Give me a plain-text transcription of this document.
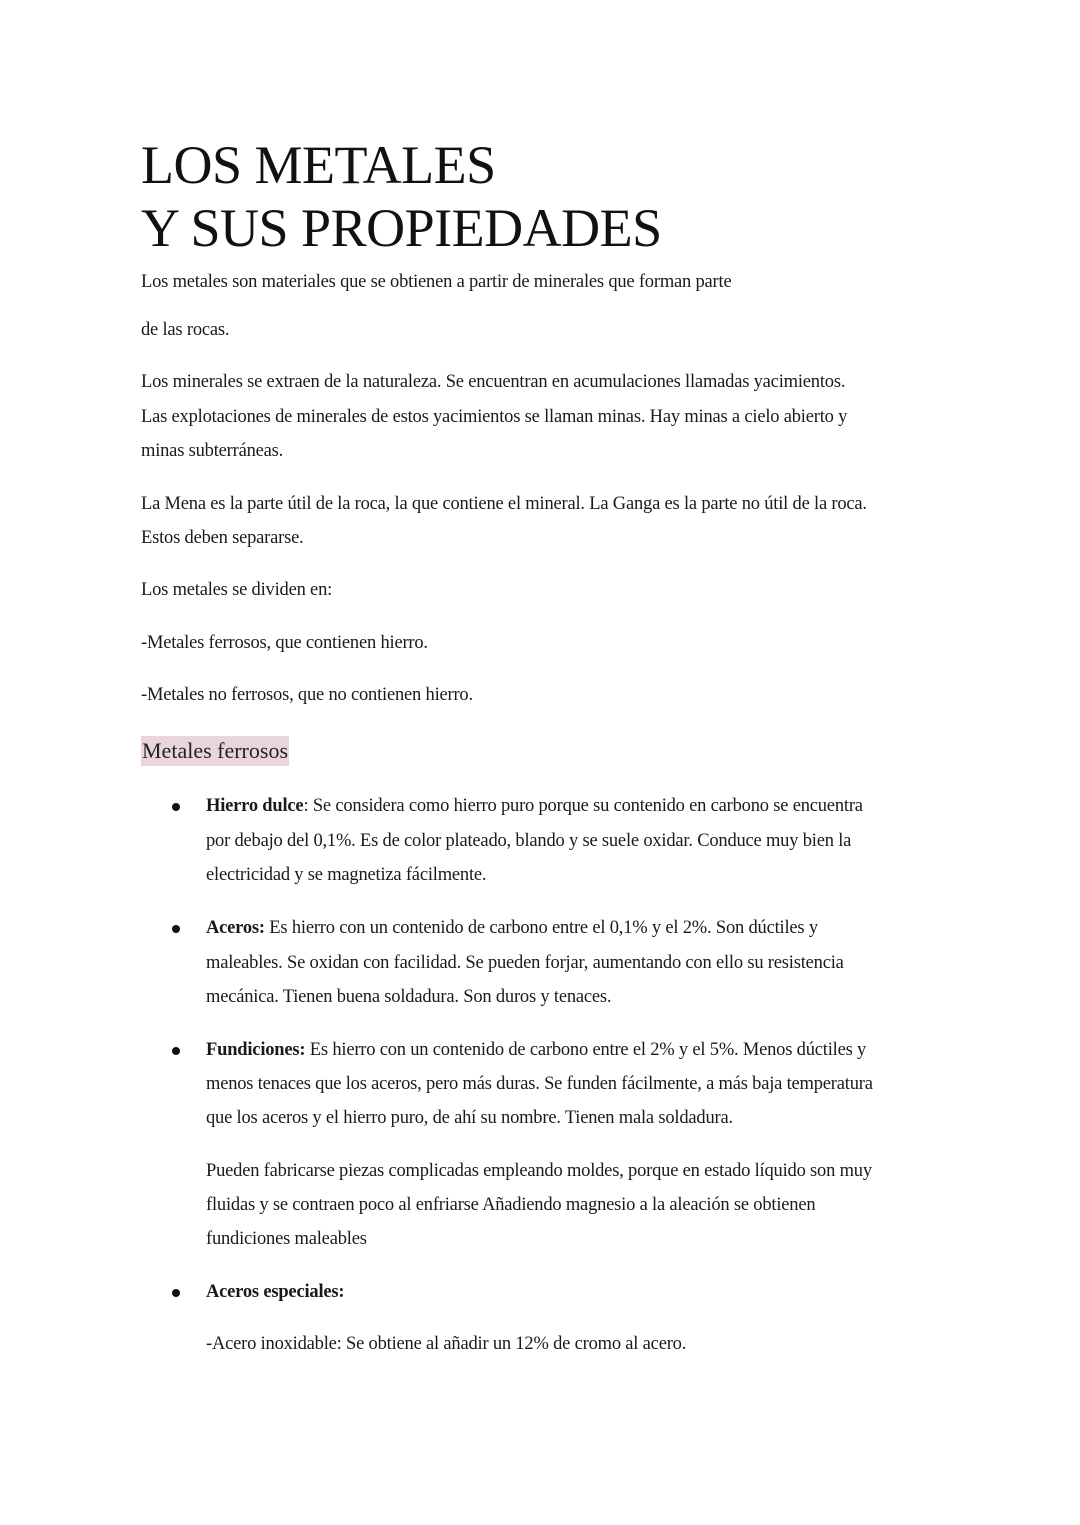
LOS METALES
Y SUS PROPIEDADES

Los metales son materiales que se obtienen a partir de minerales que forman parte

de las rocas.

Los minerales se extraen de la naturaleza. Se encuentran en acumulaciones llamadas yacimientos.

Las explotaciones de minerales de estos yacimientos se llaman minas. Hay minas a cielo abierto y

minas subterráneas.

La Mena es la parte útil de la roca, la que contiene el mineral. La Ganga es la parte no útil de la roca.

Estos deben separarse.

Los metales se dividen en:

-Metales ferrosos, que contienen hierro.

-Metales no ferrosos, que no contienen hierro.

Metales ferrosos

Hierro dulce: Se considera como hierro puro porque su contenido en carbono se encuentra

por debajo del 0,1%. Es de color plateado, blando y se suele oxidar. Conduce muy bien la

electricidad y se magnetiza fácilmente.

Aceros: Es hierro con un contenido de carbono entre el 0,1% y el 2%. Son dúctiles y

maleables. Se oxidan con facilidad. Se pueden forjar, aumentando con ello su resistencia

mecánica. Tienen buena soldadura. Son duros y tenaces.

Fundiciones: Es hierro con un contenido de carbono entre el 2% y el 5%. Menos dúctiles y

menos tenaces que los aceros, pero más duras. Se funden fácilmente, a más baja temperatura

que los aceros y el hierro puro, de ahí su nombre. Tienen mala soldadura.

Pueden fabricarse piezas complicadas empleando moldes, porque en estado líquido son muy

fluidas y se contraen poco al enfriarse Añadiendo magnesio a la aleación se obtienen

fundiciones maleables

Aceros especiales:

-Acero inoxidable: Se obtiene al añadir un 12% de cromo al acero.
